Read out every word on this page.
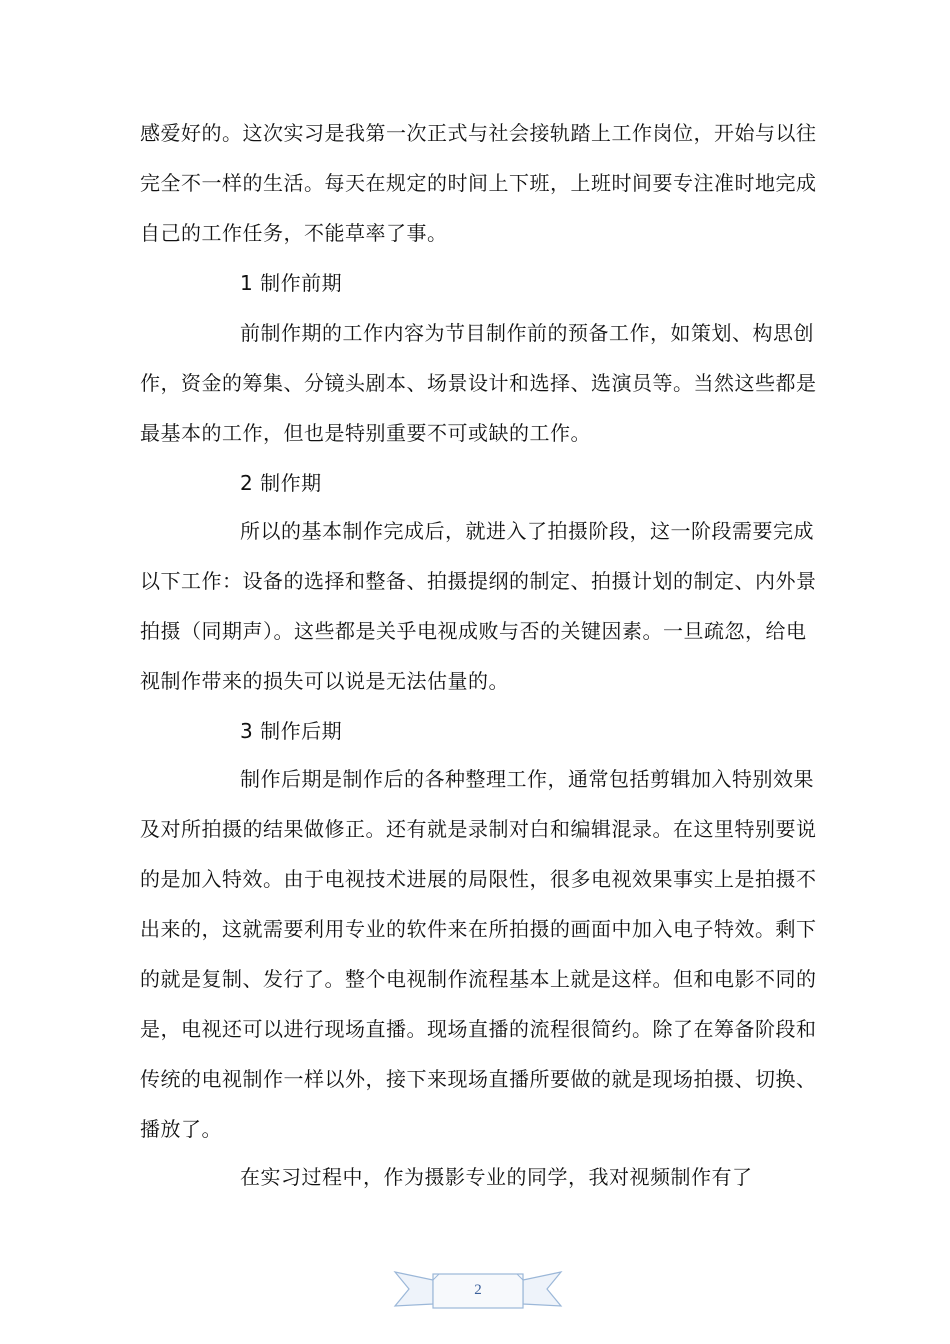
感爱好的。这次实习是我第一次正式与社会接轨踏上工作岗位，开始与以往
完全不一样的生活。每天在规定的时间上下班，上班时间要专注准时地完成
自己的工作任务，不能草率了事。
1 制作前期
前制作期的工作内容为节目制作前的预备工作，如策划、构思创
作，资金的筹集、分镜头剧本、场景设计和选择、选演员等。当然这些都是
最基本的工作，但也是特别重要不可或缺的工作。
2 制作期
所以的基本制作完成后，就进入了拍摄阶段，这一阶段需要完成
以下工作：设备的选择和整备、拍摄提纲的制定、拍摄计划的制定、内外景
拍摄（同期声）。这些都是关乎电视成败与否的关键因素。一旦疏忽，给电
视制作带来的损失可以说是无法估量的。
3 制作后期
制作后期是制作后的各种整理工作，通常包括剪辑加入特别效果
及对所拍摄的结果做修正。还有就是录制对白和编辑混录。在这里特别要说
的是加入特效。由于电视技术进展的局限性，很多电视效果事实上是拍摄不
出来的，这就需要利用专业的软件来在所拍摄的画面中加入电子特效。剩下
的就是复制、发行了。整个电视制作流程基本上就是这样。但和电影不同的
是，电视还可以进行现场直播。现场直播的流程很简约。除了在筹备阶段和
传统的电视制作一样以外，接下来现场直播所要做的就是现场拍摄、切换、
播放了。
在实习过程中，作为摄影专业的同学，我对视频制作有了
2
